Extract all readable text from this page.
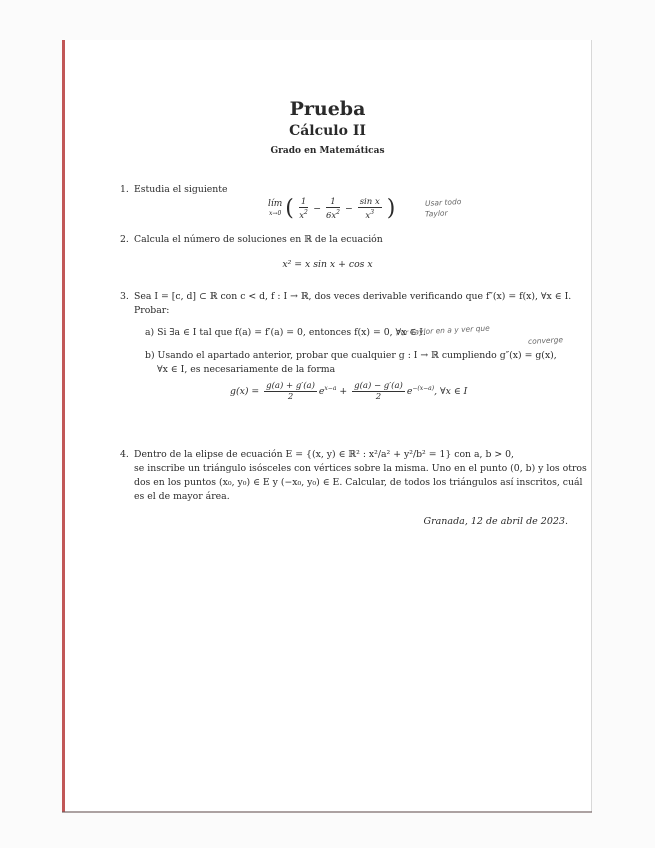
Prueba
Cálculo II
Grado en Matemáticas
1. Estudia el siguiente
lím
x→0 ( $\frac{1}{x^2} - \frac{1}{6x^2} - \frac{\text{sin x}}{x^3}$ )	Usar todo
Taylor
2. Calcula el número de soluciones en ℝ de la ecuación
x² = x sin x + cos x
3. Sea I = [c, d] ⊂ ℝ con c < d, f : I → ℝ, dos veces derivable verificando que f″(x) = f(x), ∀x ∈ I.
Probar:
a) Si ∃a ∈ I tal que f(a) = f′(a) = 0, entonces f(x) = 0, ∀x ∈ I.
Por Taylor en a y ver que
converge
b) Usando el apartado anterior, probar que cualquier g : I → ℝ cumpliendo g″(x) = g(x),
∀x ∈ I, es necesariamente de la forma
$g(x) = \frac{g(a) + g'(a)}{2} e^{x-a} + \frac{g(a) - g'(a)}{2} e^{-(x-a)}$, ∀x ∈ I
4. Dentro de la elipse de ecuación E = {(x, y) ∈ ℝ² : x²/a² + y²/b² = 1} con a, b > 0,
se inscribe un triángulo isósceles con vértices sobre la misma. Uno en el punto (0, b) y los otros
dos en los puntos (x₀, y₀) ∈ E y (−x₀, y₀) ∈ E. Calcular, de todos los triángulos así inscritos, cuál
es el de mayor área.
Granada, 12 de abril de 2023.
